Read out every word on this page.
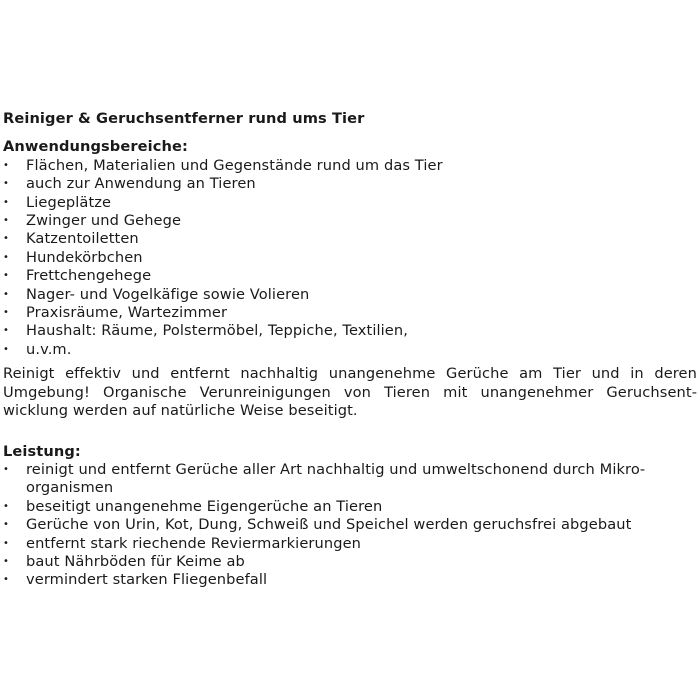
Reiniger & Geruchsentferner rund ums Tier

Anwendungsbereiche:

• Flächen, Materialien und Gegenstände rund um das Tier
• auch zur Anwendung an Tieren
• Liegeplätze
• Zwinger und Gehege
• Katzentoiletten
• Hundekörbchen
• Frettchengehege
• Nager- und Vogelkäfige sowie Volieren
• Praxisräume, Wartezimmer
• Haushalt: Räume, Polstermöbel, Teppiche, Textilien,
• u.v.m.

Reinigt effektiv und entfernt nachhaltig unangenehme Gerüche am Tier und in deren Umgebung! Organische Verunreinigungen von Tieren mit unangenehmer Geruchsentwicklung werden auf natürliche Weise beseitigt.

Leistung:

• reinigt und entfernt Gerüche aller Art nachhaltig und umweltschonend durch Mikroorganismen
• beseitigt unangenehme Eigengerüche an Tieren
• Gerüche von Urin, Kot, Dung, Schweiß und Speichel werden geruchsfrei abgebaut
• entfernt stark riechende Reviermarkierungen
• baut Nährböden für Keime ab
• vermindert starken Fliegenbefall
